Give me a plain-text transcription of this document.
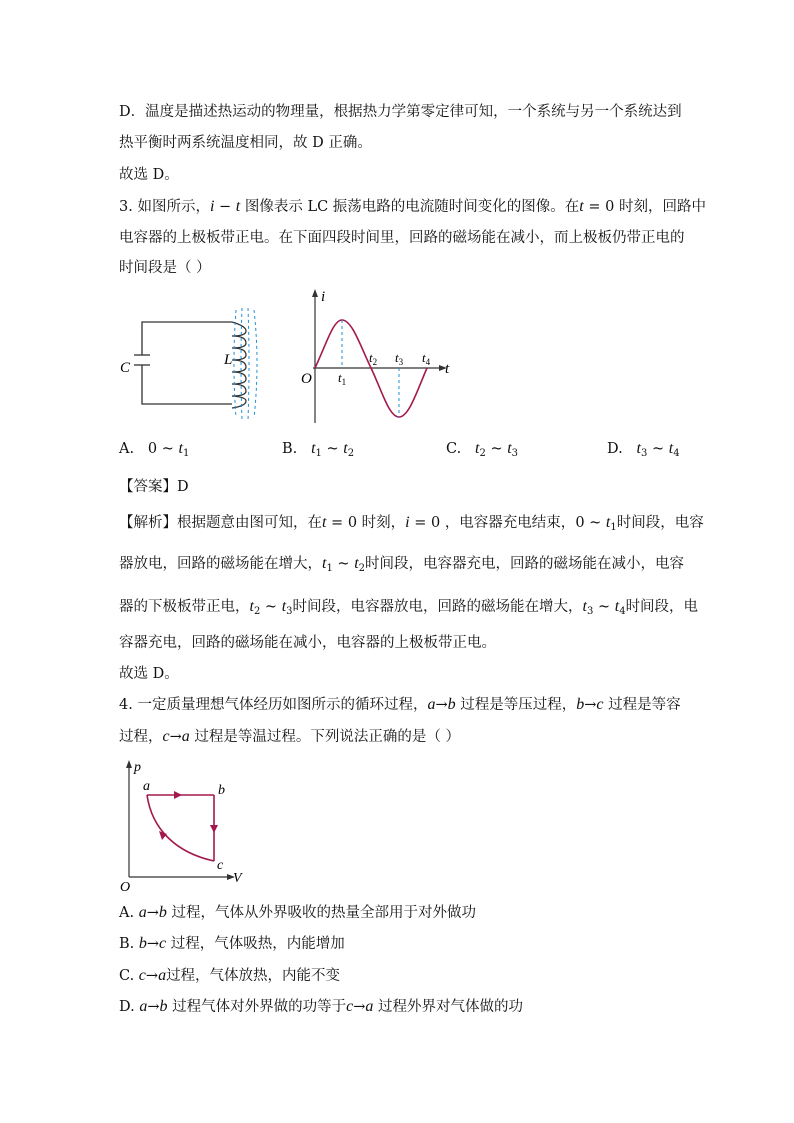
D．温度是描述热运动的物理量，根据热力学第零定律可知，一个系统与另一个系统达到
热平衡时两系统温度相同，故 D 正确。
故选 D。
3. 如图所示，i − t 图像表示 LC 振荡电路的电流随时间变化的图像。在t = 0 时刻，回路中
电容器的上极板带正电。在下面四段时间里，回路的磁场能在减小，而上极板仍带正电的
时间段是（ ）
C	L
i
t
O $t_1$
$t_2$ $t_3$ $t_4$
A.   0 ~ $t_1$	B. $t_1$ ~ $t_2$	C. $t_2$ ~ $t_3$	D. $t_3$ ~ $t_4$
【答案】D
【解析】根据题意由图可知，在t = 0 时刻，i = 0 ，电容器充电结束，0 ~ $t_1$时间段，电容
器放电，回路的磁场能在增大，$t_1$ ~ $t_2$时间段，电容器充电，回路的磁场能在减小，电容
器的下极板带正电，$t_2$ ~ $t_3$时间段，电容器放电，回路的磁场能在增大，$t_3$ ~ $t_4$时间段，电
容器充电，回路的磁场能在减小，电容器的上极板带正电。
故选 D。
4. 一定质量理想气体经历如图所示的循环过程，a→b 过程是等压过程，b→c 过程是等容
过程，c→a 过程是等温过程。下列说法正确的是（ ）
p
V
O
a	b
c
A. a→b 过程，气体从外界吸收的热量全部用于对外做功
B. b→c 过程，气体吸热，内能增加
C. c→a过程，气体放热，内能不变
D. a→b 过程气体对外界做的功等于c→a 过程外界对气体做的功
